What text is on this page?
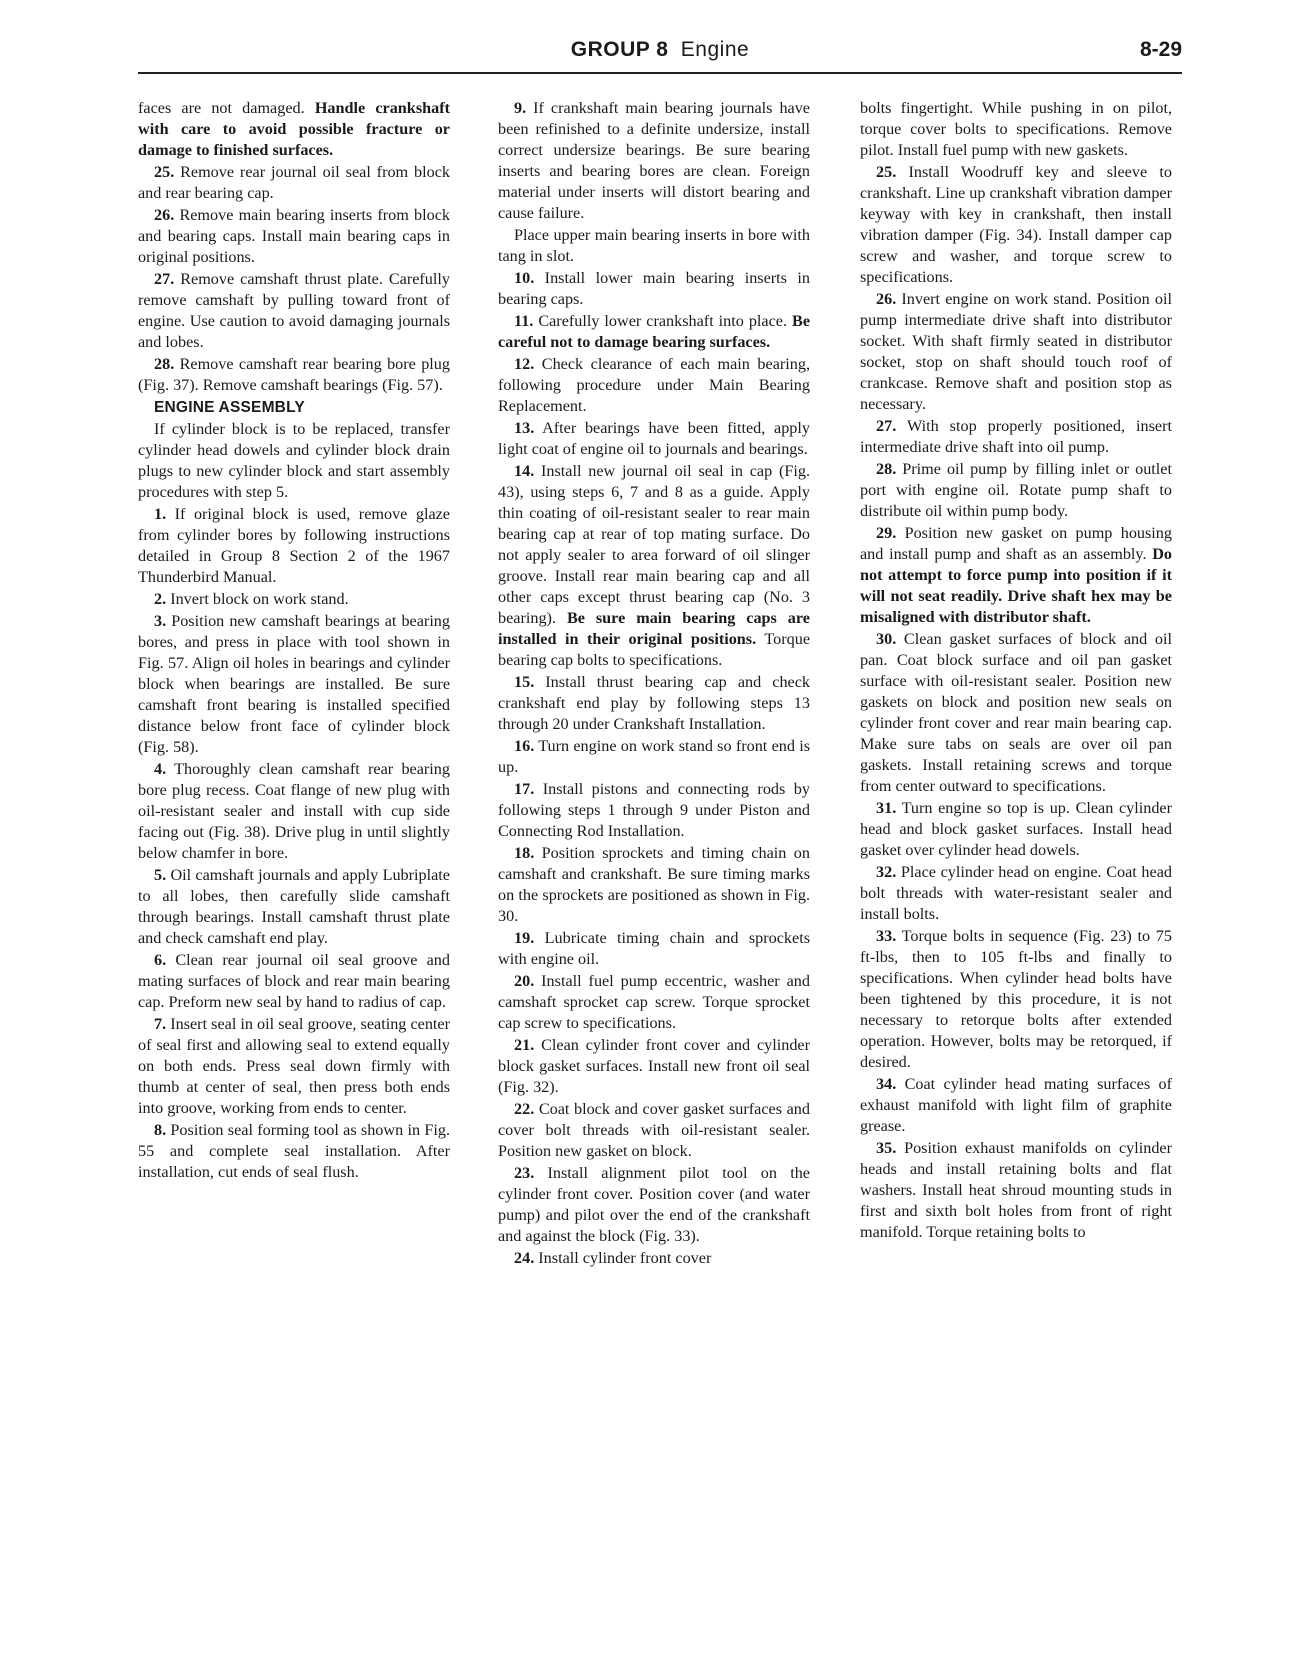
GROUP 8 Engine	8-29

faces are not damaged. Handle crankshaft with care to avoid possible fracture or damage to finished surfaces.

25. Remove rear journal oil seal from block and rear bearing cap.

26. Remove main bearing inserts from block and bearing caps. Install main bearing caps in original positions.

27. Remove camshaft thrust plate. Carefully remove camshaft by pulling toward front of engine. Use caution to avoid damaging journals and lobes.

28. Remove camshaft rear bearing bore plug (Fig. 37). Remove camshaft bearings (Fig. 57).

ENGINE ASSEMBLY

If cylinder block is to be replaced, transfer cylinder head dowels and cylinder block drain plugs to new cylinder block and start assembly procedures with step 5.

1. If original block is used, remove glaze from cylinder bores by following instructions detailed in Group 8 Section 2 of the 1967 Thunderbird Manual.

2. Invert block on work stand.

3. Position new camshaft bearings at bearing bores, and press in place with tool shown in Fig. 57. Align oil holes in bearings and cylinder block when bearings are installed. Be sure camshaft front bearing is installed specified distance below front face of cylinder block (Fig. 58).

4. Thoroughly clean camshaft rear bearing bore plug recess. Coat flange of new plug with oil-resistant sealer and install with cup side facing out (Fig. 38). Drive plug in until slightly below chamfer in bore.

5. Oil camshaft journals and apply Lubriplate to all lobes, then carefully slide camshaft through bearings. Install camshaft thrust plate and check camshaft end play.

6. Clean rear journal oil seal groove and mating surfaces of block and rear main bearing cap. Preform new seal by hand to radius of cap.

7. Insert seal in oil seal groove, seating center of seal first and allowing seal to extend equally on both ends. Press seal down firmly with thumb at center of seal, then press both ends into groove, working from ends to center.

8. Position seal forming tool as shown in Fig. 55 and complete seal installation. After installation, cut ends of seal flush.

9. If crankshaft main bearing journals have been refinished to a definite undersize, install correct undersize bearings. Be sure bearing inserts and bearing bores are clean. Foreign material under inserts will distort bearing and cause failure.

Place upper main bearing inserts in bore with tang in slot.

10. Install lower main bearing inserts in bearing caps.

11. Carefully lower crankshaft into place. Be careful not to damage bearing surfaces.

12. Check clearance of each main bearing, following procedure under Main Bearing Replacement.

13. After bearings have been fitted, apply light coat of engine oil to journals and bearings.

14. Install new journal oil seal in cap (Fig. 43), using steps 6, 7 and 8 as a guide. Apply thin coating of oil-resistant sealer to rear main bearing cap at rear of top mating surface. Do not apply sealer to area forward of oil slinger groove. Install rear main bearing cap and all other caps except thrust bearing cap (No. 3 bearing). Be sure main bearing caps are installed in their original positions. Torque bearing cap bolts to specifications.

15. Install thrust bearing cap and check crankshaft end play by following steps 13 through 20 under Crankshaft Installation.

16. Turn engine on work stand so front end is up.

17. Install pistons and connecting rods by following steps 1 through 9 under Piston and Connecting Rod Installation.

18. Position sprockets and timing chain on camshaft and crankshaft. Be sure timing marks on the sprockets are positioned as shown in Fig. 30.

19. Lubricate timing chain and sprockets with engine oil.

20. Install fuel pump eccentric, washer and camshaft sprocket cap screw. Torque sprocket cap screw to specifications.

21. Clean cylinder front cover and cylinder block gasket surfaces. Install new front oil seal (Fig. 32).

22. Coat block and cover gasket surfaces and cover bolt threads with oil-resistant sealer. Position new gasket on block.

23. Install alignment pilot tool on the cylinder front cover. Position cover (and water pump) and pilot over the end of the crankshaft and against the block (Fig. 33).

24. Install cylinder front cover

bolts fingertight. While pushing in on pilot, torque cover bolts to specifications. Remove pilot. Install fuel pump with new gaskets.

25. Install Woodruff key and sleeve to crankshaft. Line up crankshaft vibration damper keyway with key in crankshaft, then install vibration damper (Fig. 34). Install damper cap screw and washer, and torque screw to specifications.

26. Invert engine on work stand. Position oil pump intermediate drive shaft into distributor socket. With shaft firmly seated in distributor socket, stop on shaft should touch roof of crankcase. Remove shaft and position stop as necessary.

27. With stop properly positioned, insert intermediate drive shaft into oil pump.

28. Prime oil pump by filling inlet or outlet port with engine oil. Rotate pump shaft to distribute oil within pump body.

29. Position new gasket on pump housing and install pump and shaft as an assembly. Do not attempt to force pump into position if it will not seat readily. Drive shaft hex may be misaligned with distributor shaft.

30. Clean gasket surfaces of block and oil pan. Coat block surface and oil pan gasket surface with oil-resistant sealer. Position new gaskets on block and position new seals on cylinder front cover and rear main bearing cap. Make sure tabs on seals are over oil pan gaskets. Install retaining screws and torque from center outward to specifications.

31. Turn engine so top is up. Clean cylinder head and block gasket surfaces. Install head gasket over cylinder head dowels.

32. Place cylinder head on engine. Coat head bolt threads with water-resistant sealer and install bolts.

33. Torque bolts in sequence (Fig. 23) to 75 ft-lbs, then to 105 ft-lbs and finally to specifications. When cylinder head bolts have been tightened by this procedure, it is not necessary to retorque bolts after extended operation. However, bolts may be retorqued, if desired.

34. Coat cylinder head mating surfaces of exhaust manifold with light film of graphite grease.

35. Position exhaust manifolds on cylinder heads and install retaining bolts and flat washers. Install heat shroud mounting studs in first and sixth bolt holes from front of right manifold. Torque retaining bolts to
